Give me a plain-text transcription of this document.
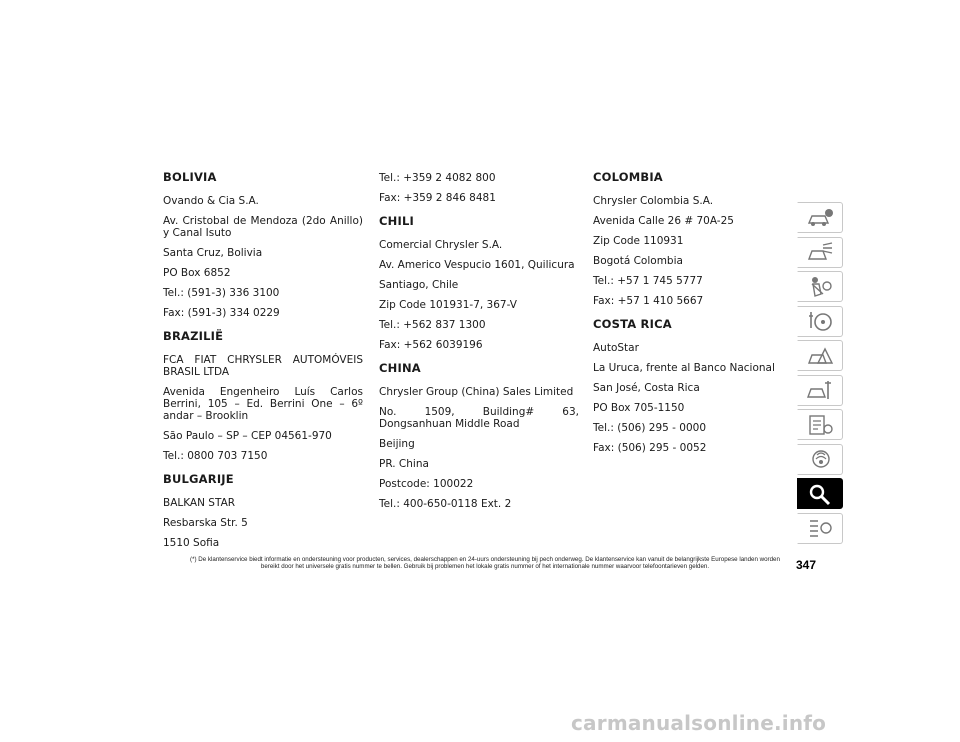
BOLIVIA
Ovando & Cia S.A.
Av. Cristobal de Mendoza (2do Anillo) y Canal Isuto
Santa Cruz, Bolivia
PO Box 6852
Tel.: (591-3) 336 3100
Fax: (591-3) 334 0229
BRAZILIË
FCA FIAT CHRYSLER AUTOMÓVEIS BRASIL LTDA
Avenida Engenheiro Luís Carlos Berrini, 105 – Ed. Berrini One – 6º andar – Brooklin
São Paulo – SP – CEP 04561-970
Tel.: 0800 703 7150
BULGARIJE
BALKAN STAR
Resbarska Str. 5
1510 Sofia
Tel.: +359 2 4082 800
Fax: +359 2 846 8481
CHILI
Comercial Chrysler S.A.
Av. Americo Vespucio 1601, Quilicura
Santiago, Chile
Zip Code 101931-7, 367-V
Tel.: +562 837 1300
Fax: +562 6039196
CHINA
Chrysler Group (China) Sales Limited
No. 1509, Building# 63, Dongsanhuan Middle Road
Beijing
PR. China
Postcode: 100022
Tel.: 400-650-0118 Ext. 2
COLOMBIA
Chrysler Colombia S.A.
Avenida Calle 26 # 70A-25
Zip Code 110931
Bogotá Colombia
Tel.: +57 1 745 5777
Fax: +57 1 410 5667
COSTA RICA
AutoStar
La Uruca, frente al Banco Nacional
San José, Costa Rica
PO Box 705-1150
Tel.: (506) 295 - 0000
Fax: (506) 295 - 0052
(*) De klantenservice biedt informatie en ondersteuning voor producten, services, dealerschappen en 24-uurs ondersteuning bij pech onderweg. De klantenservice kan vanuit de belangrijkste Europese landen worden bereikt door het universele gratis nummer te bellen. Gebruik bij problemen het lokale gratis nummer of het internationale nummer waarvoor telefoontarieven gelden.	347
carmanualsonline.info
